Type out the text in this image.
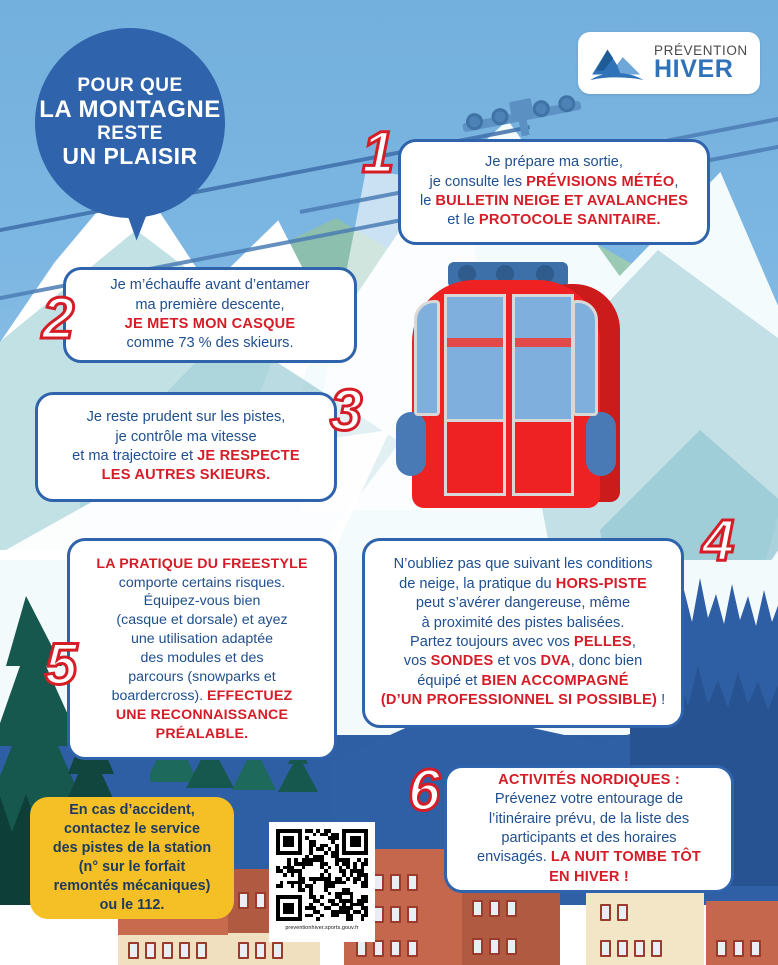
POUR QUE
LA MONTAGNE
RESTE
UN PLAISIR
PRÉVENTION
HIVER
1	Je prépare ma sortie,
je consulte les PRÉVISIONS MÉTÉO,
le BULLETIN NEIGE ET AVALANCHES
et le PROTOCOLE SANITAIRE.

2

Je m’échauffe avant d’entamer
ma première descente,
JE METS MON CASQUE
comme 73 % des skieurs.

3

Je reste prudent sur les pistes,
je contrôle ma vitesse
et ma trajectoire et JE RESPECTE
LES AUTRES SKIEURS.

4

N’oubliez pas que suivant les conditions
de neige, la pratique du HORS-PISTE
peut s’avérer dangereuse, même
à proximité des pistes balisées.
Partez toujours avec vos PELLES,
vos SONDES et vos DVA, donc bien
équipé et BIEN ACCOMPAGNÉ
(D’UN PROFESSIONNEL SI POSSIBLE) !

5

LA PRATIQUE DU FREESTYLE
comporte certains risques.
Équipez-vous bien
(casque et dorsale) et ayez
une utilisation adaptée
des modules et des
parcours (snowparks et
boardercross). EFFECTUEZ
UNE RECONNAISSANCE
PRÉALABLE.

6	ACTIVITÉS NORDIQUES :
Prévenez votre entourage de
l’itinéraire prévu, de la liste des
participants et des horaires
envisagés. LA NUIT TOMBE TÔT
EN HIVER !

En cas d’accident,
contactez le service
des pistes de la station
(n° sur le forfait
remontés mécaniques)
ou le 112.
preventionhiver.sports.gouv.fr
